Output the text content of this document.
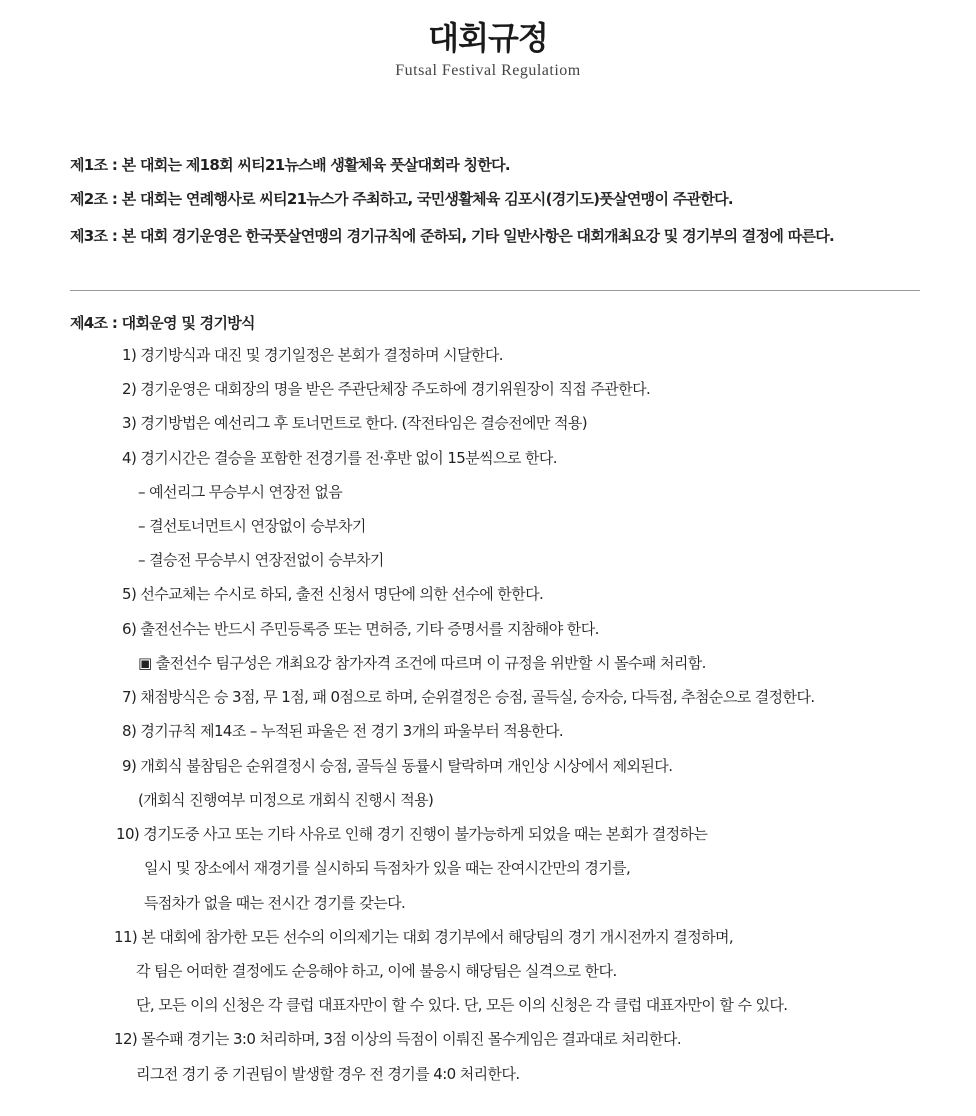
대회규정
Futsal Festival Regulatiom
제1조 : 본 대회는 제18회 씨티21뉴스배 생활체육 풋살대회라 칭한다.
제2조 : 본 대회는 연례행사로 씨티21뉴스가 주최하고, 국민생활체육 김포시(경기도)풋살연맹이 주관한다.
제3조 : 본 대회 경기운영은 한국풋살연맹의 경기규칙에 준하되, 기타 일반사항은 대회개최요강 및 경기부의 결정에 따른다.
제4조 : 대회운영 및 경기방식
1) 경기방식과 대진 및 경기일정은 본회가 결정하며 시달한다.
2) 경기운영은 대회장의 명을 받은 주관단체장 주도하에 경기위원장이 직접 주관한다.
3) 경기방법은 예선리그 후 토너먼트로 한다. (작전타임은 결승전에만 적용)
4) 경기시간은 결승을 포함한 전경기를 전·후반 없이 15분씩으로 한다.
– 예선리그 무승부시 연장전 없음
– 결선토너먼트시 연장없이 승부차기
– 결승전 무승부시 연장전없이 승부차기
5) 선수교체는 수시로 하되, 출전 신청서 명단에 의한 선수에 한한다.
6) 출전선수는 반드시 주민등록증 또는 면허증, 기타 증명서를 지참해야 한다.
▣ 출전선수 팀구성은 개최요강 참가자격 조건에 따르며 이 규정을 위반할 시 몰수패 처리함.
7) 채점방식은 승 3점, 무 1점, 패 0점으로 하며, 순위결정은 승점, 골득실, 승자승, 다득점, 추첨순으로 결정한다.
8) 경기규칙 제14조 – 누적된 파울은 전 경기 3개의 파울부터 적용한다.
9) 개회식 불참팀은 순위결정시 승점, 골득실 동률시 탈락하며 개인상 시상에서 제외된다.
(개회식 진행여부 미정으로 개회식 진행시 적용)
10) 경기도중 사고 또는 기타 사유로 인해 경기 진행이 불가능하게 되었을 때는 본회가 결정하는
일시 및 장소에서 재경기를 실시하되 득점차가 있을 때는 잔여시간만의 경기를,
득점차가 없을 때는 전시간 경기를 갖는다.
11) 본 대회에 참가한 모든 선수의 이의제기는 대회 경기부에서 해당팀의 경기 개시전까지 결정하며,
각 팀은 어떠한 결정에도 순응해야 하고, 이에 불응시 해당팀은 실격으로 한다.
단, 모든 이의 신청은 각 클럽 대표자만이 할 수 있다. 단, 모든 이의 신청은 각 클럽 대표자만이 할 수 있다.
12) 몰수패 경기는 3:0 처리하며, 3점 이상의 득점이 이뤄진 몰수게임은 결과대로 처리한다.
리그전 경기 중 기권팀이 발생할 경우 전 경기를 4:0 처리한다.
